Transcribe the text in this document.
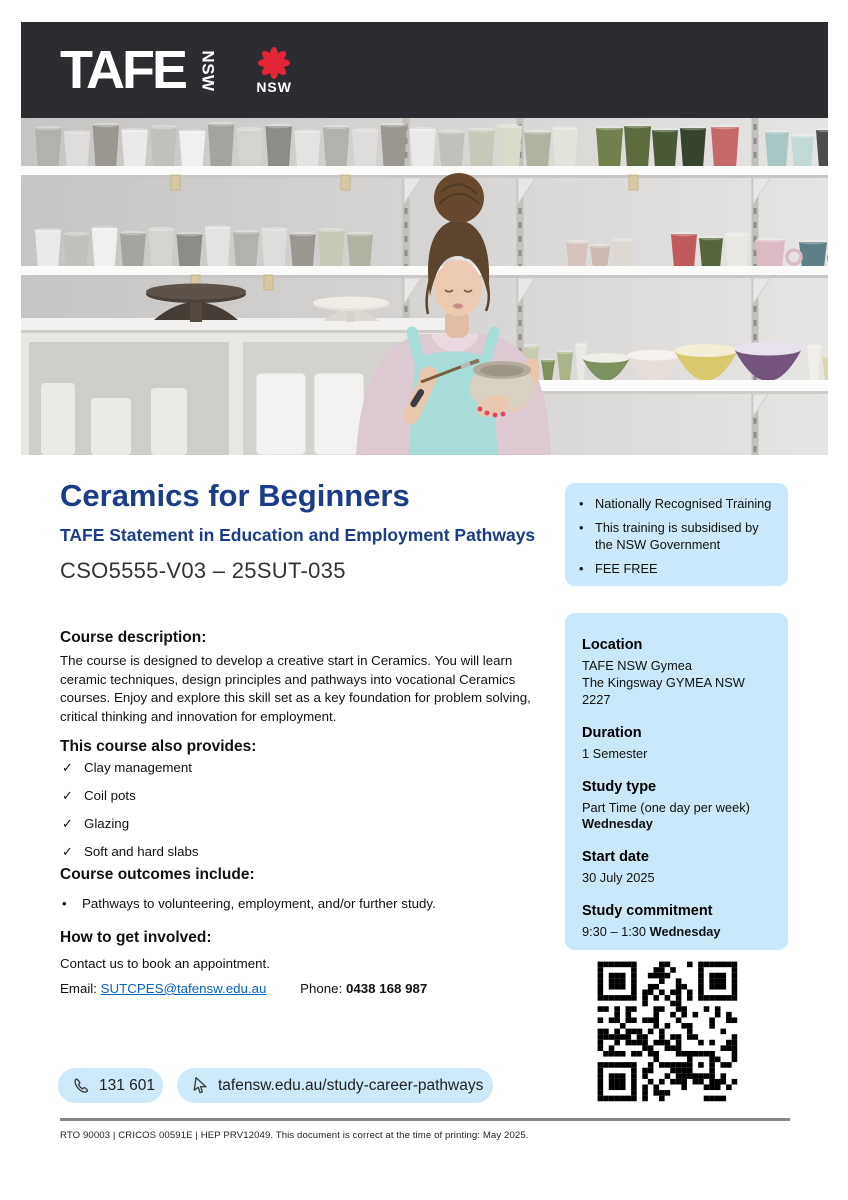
TAFE NSW	NSW
Ceramics for Beginners
TAFE Statement in Education and Employment Pathways
CSO5555-V03 – 25SUT-035
• Nationally Recognised Training
• This training is subsidised by the NSW Government
• FEE FREE
Location
TAFE NSW Gymea
The Kingsway GYMEA NSW 2227
Duration
1 Semester
Study type
Part Time (one day per week)
Wednesday
Start date
30 July 2025
Study commitment
9:30 – 1:30 Wednesday
Course description:
The course is designed to develop a creative start in Ceramics. You will learn ceramic techniques, design principles and pathways into vocational Ceramics courses. Enjoy and explore this skill set as a key foundation for problem solving, critical thinking and innovation for employment.
This course also provides:
✓ Clay management
✓ Coil pots
✓ Glazing
✓ Soft and hard slabs
Course outcomes include:
•	Pathways to volunteering, employment, and/or further study.
How to get involved:
Contact us to book an appointment.
Email: SUTCPES@tafensw.edu.au	Phone: 0438 168 987
131 601	tafensw.edu.au/study-career-pathways
RTO 90003 | CRICOS 00591E | HEP PRV12049. This document is correct at the time of printing: May 2025.
